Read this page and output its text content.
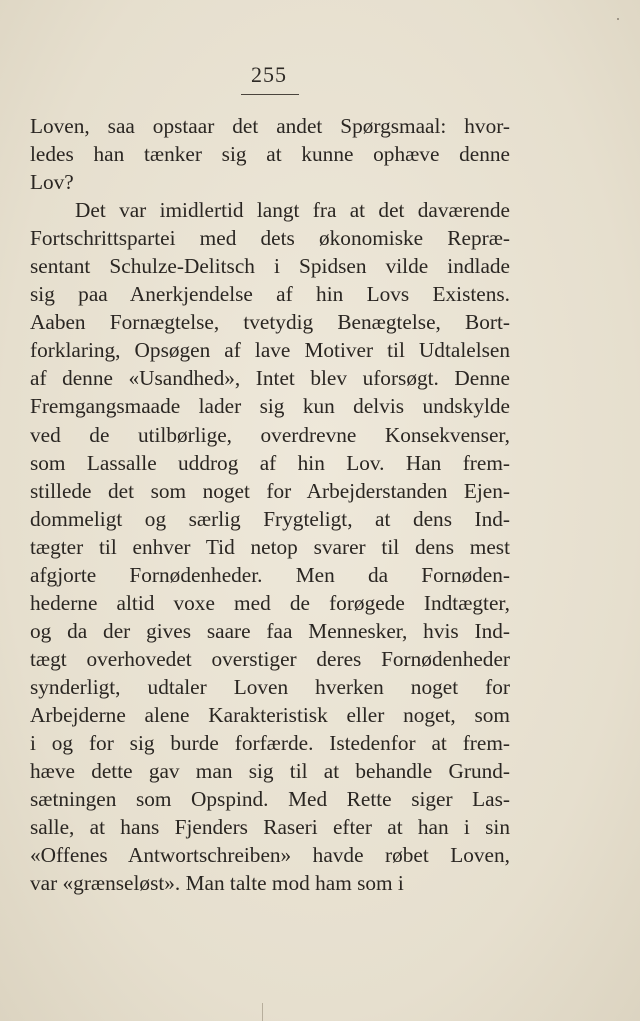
255
Loven, saa opstaar det andet Spørgsmaal: hvor-
ledes han tænker sig at kunne ophæve denne
Lov?
Det var imidlertid langt fra at det daværende
Fortschrittspartei med dets økonomiske Repræ-
sentant Schulze-Delitsch i Spidsen vilde indlade
sig paa Anerkjendelse af hin Lovs Existens.
Aaben Fornægtelse, tvetydig Benægtelse, Bort-
forklaring, Opsøgen af lave Motiver til Udtalelsen
af denne «Usandhed», Intet blev uforsøgt. Denne
Fremgangsmaade lader sig kun delvis undskylde
ved de utilbørlige, overdrevne Konsekvenser,
som Lassalle uddrog af hin Lov. Han frem-
stillede det som noget for Arbejderstanden Ejen-
dommeligt og særlig Frygteligt, at dens Ind-
tægter til enhver Tid netop svarer til dens mest
afgjorte Fornødenheder. Men da Fornøden-
hederne altid voxe med de forøgede Indtægter,
og da der gives saare faa Mennesker, hvis Ind-
tægt overhovedet overstiger deres Fornødenheder
synderligt, udtaler Loven hverken noget for
Arbejderne alene Karakteristisk eller noget, som
i og for sig burde forfærde. Istedenfor at frem-
hæve dette gav man sig til at behandle Grund-
sætningen som Opspind. Med Rette siger Las-
salle, at hans Fjenders Raseri efter at han i sin
«Offenes Antwortschreiben» havde røbet Loven,
var «grænseløst». Man talte mod ham som i
